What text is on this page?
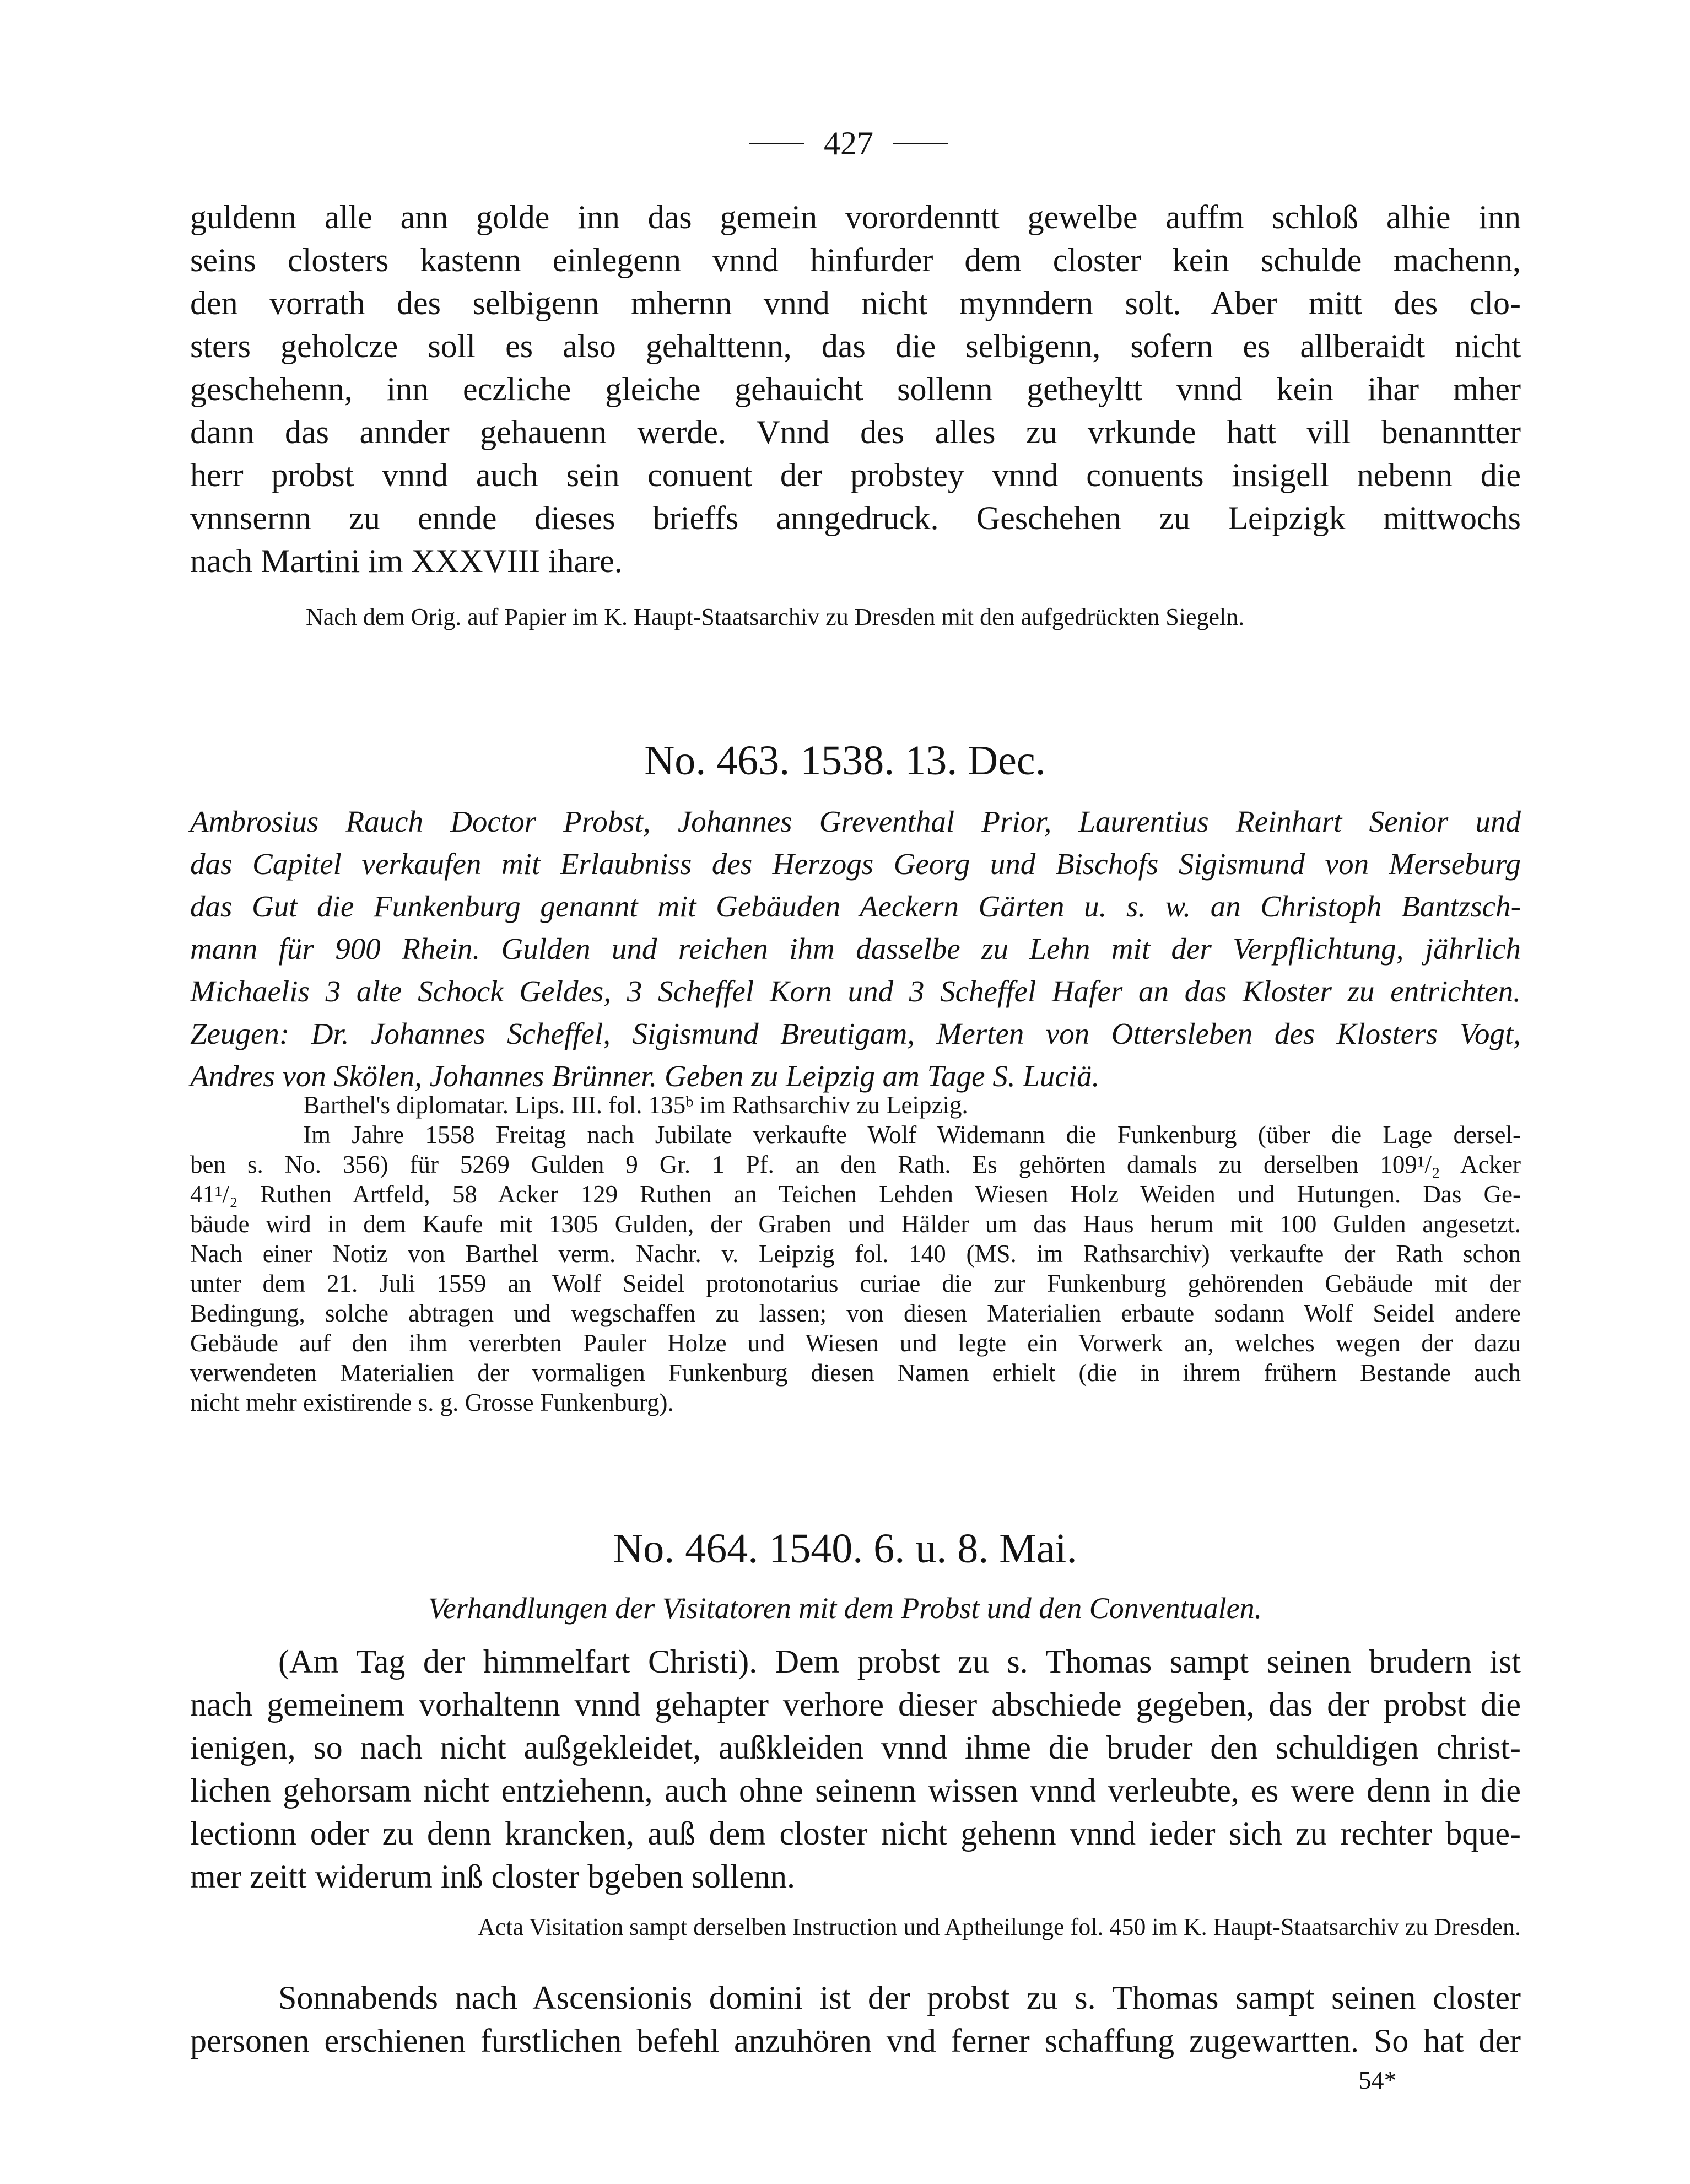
427
guldenn alle ann golde inn das gemein vorordenntt gewelbe auffm schloß alhie inn
seins closters kastenn einlegenn vnnd hinfurder dem closter kein schulde machenn,
den vorrath des selbigenn mhernn vnnd nicht mynndern solt. Aber mitt des clo-
sters geholcze soll es also gehalttenn, das die selbigenn, sofern es allberaidt nicht
geschehenn, inn eczliche gleiche gehauicht sollenn getheyltt vnnd kein ihar mher
dann das annder gehauenn werde. Vnnd des alles zu vrkunde hatt vill benanntter
herr probst vnnd auch sein conuent der probstey vnnd conuents insigell nebenn die
vnnsernn zu ennde dieses brieffs anngedruck. Geschehen zu Leipzigk mittwochs
nach Martini im XXXVIII ihare.
Nach dem Orig. auf Papier im K. Haupt-Staatsarchiv zu Dresden mit den aufgedrückten Siegeln.
No. 463. 1538. 13. Dec.
Ambrosius Rauch Doctor Probst, Johannes Greventhal Prior, Laurentius Reinhart Senior und
das Capitel verkaufen mit Erlaubniss des Herzogs Georg und Bischofs Sigismund von Merseburg
das Gut die Funkenburg genannt mit Gebäuden Aeckern Gärten u. s. w. an Christoph Bantzsch-
mann für 900 Rhein. Gulden und reichen ihm dasselbe zu Lehn mit der Verpflichtung, jährlich
Michaelis 3 alte Schock Geldes, 3 Scheffel Korn und 3 Scheffel Hafer an das Kloster zu entrichten.
Zeugen: Dr. Johannes Scheffel, Sigismund Breutigam, Merten von Ottersleben des Klosters Vogt,
Andres von Skölen, Johannes Brünner. Geben zu Leipzig am Tage S. Luciä.
Barthel's diplomatar. Lips. III. fol. 135ᵇ im Rathsarchiv zu Leipzig.
Im Jahre 1558 Freitag nach Jubilate verkaufte Wolf Widemann die Funkenburg (über die Lage dersel-
ben s. No. 356) für 5269 Gulden 9 Gr. 1 Pf. an den Rath. Es gehörten damals zu derselben 109¹/₂ Acker
41¹/₂ Ruthen Artfeld, 58 Acker 129 Ruthen an Teichen Lehden Wiesen Holz Weiden und Hutungen. Das Ge-
bäude wird in dem Kaufe mit 1305 Gulden, der Graben und Hälder um das Haus herum mit 100 Gulden angesetzt.
Nach einer Notiz von Barthel verm. Nachr. v. Leipzig fol. 140 (MS. im Rathsarchiv) verkaufte der Rath schon
unter dem 21. Juli 1559 an Wolf Seidel protonotarius curiae die zur Funkenburg gehörenden Gebäude mit der
Bedingung, solche abtragen und wegschaffen zu lassen; von diesen Materialien erbaute sodann Wolf Seidel andere
Gebäude auf den ihm vererbten Pauler Holze und Wiesen und legte ein Vorwerk an, welches wegen der dazu
verwendeten Materialien der vormaligen Funkenburg diesen Namen erhielt (die in ihrem frühern Bestande auch
nicht mehr existirende s. g. Grosse Funkenburg).
No. 464. 1540. 6. u. 8. Mai.
Verhandlungen der Visitatoren mit dem Probst und den Conventualen.
(Am Tag der himmelfart Christi). Dem probst zu s. Thomas sampt seinen brudern ist
nach gemeinem vorhaltenn vnnd gehapter verhore dieser abschiede gegeben, das der probst die
ienigen, so nach nicht außgekleidet, außkleiden vnnd ihme die bruder den schuldigen christ-
lichen gehorsam nicht entziehenn, auch ohne seinenn wissen vnnd verleubte, es were denn in die
lectionn oder zu denn krancken, auß dem closter nicht gehenn vnnd ieder sich zu rechter bque-
mer zeitt widerum inß closter bgeben sollenn.
Acta Visitation sampt derselben Instruction und Aptheilunge fol. 450 im K. Haupt-Staatsarchiv zu Dresden.
Sonnabends nach Ascensionis domini ist der probst zu s. Thomas sampt seinen closter
personen erschienen furstlichen befehl anzuhören vnd ferner schaffung zugewartten. So hat der
54*
